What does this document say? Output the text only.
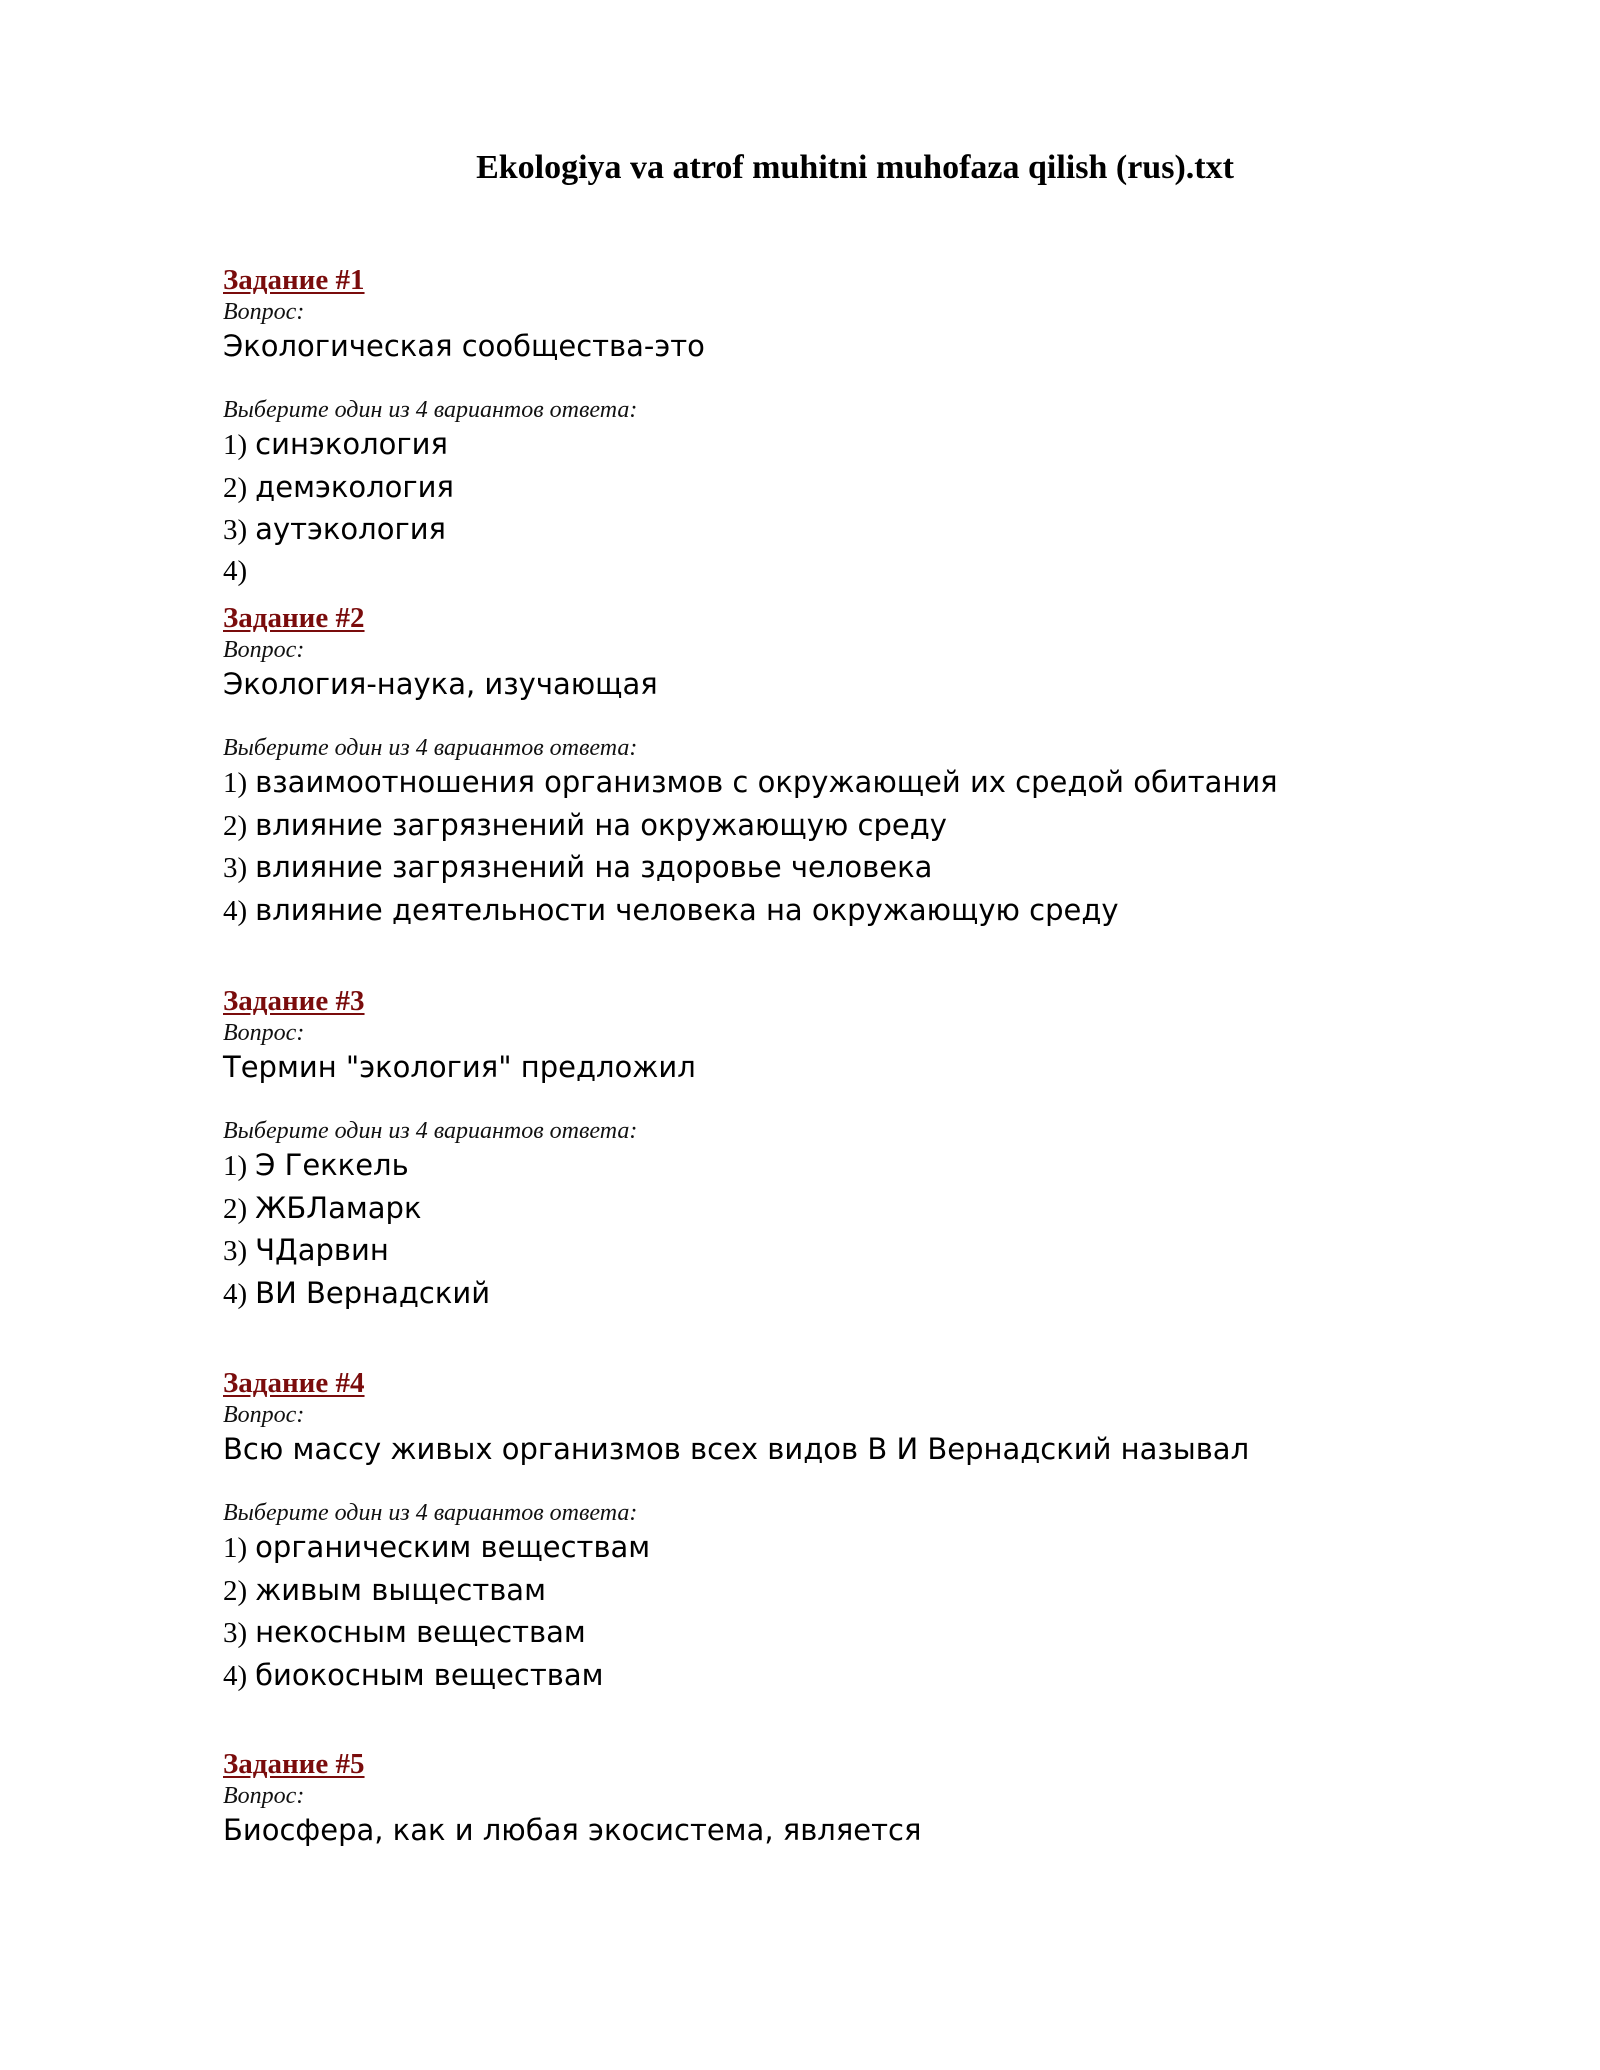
Ekologiya va atrof muhitni muhofaza qilish (rus).txt
Задание #1
Вопрос:
Экологическая сообщества-это
Выберите один из 4 вариантов ответа:
1) синэкология
2) демэкология
3) аутэкология
4)
Задание #2
Вопрос:
Экология-наука, изучающая
Выберите один из 4 вариантов ответа:
1) взаимоотношения организмов с окружающей их средой обитания
2) влияние загрязнений на окружающую среду
3) влияние загрязнений на здоровье человека
4) влияние деятельности человека на окружающую среду
Задание #3
Вопрос:
Термин "экология" предложил
Выберите один из 4 вариантов ответа:
1) Э Геккель
2) ЖБЛамарк
3) ЧДарвин
4) ВИ Вернадский
Задание #4
Вопрос:
Всю массу живых организмов всех видов В И Вернадский называл
Выберите один из 4 вариантов ответа:
1) органическим веществам
2) живым выществам
3) некосным веществам
4) биокосным веществам
Задание #5
Вопрос:
Биосфера, как и любая экосистема, является
